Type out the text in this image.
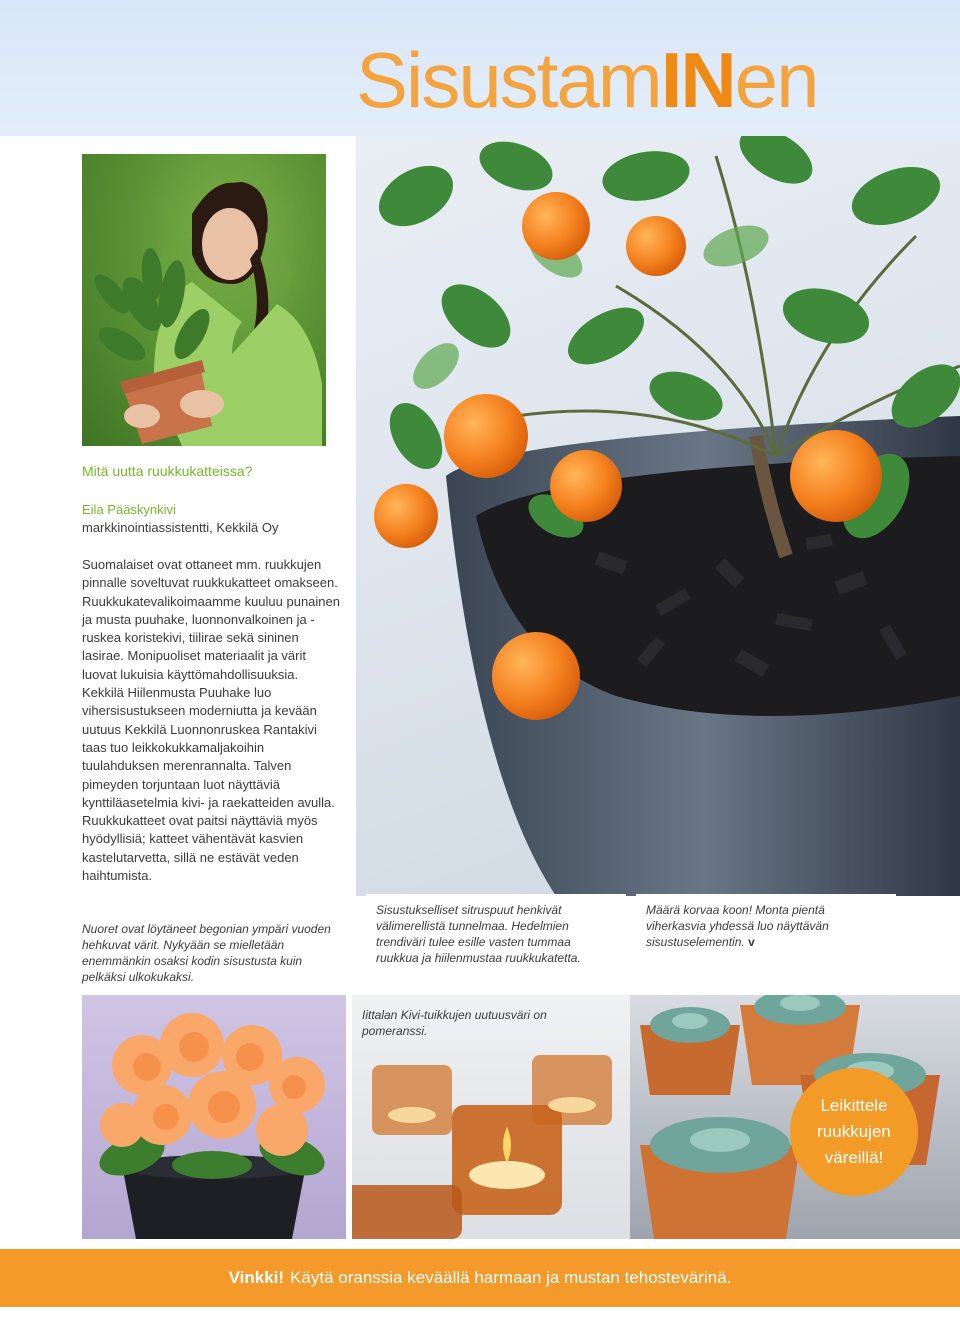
SisustamINen

Mitä uutta ruukkukatteissa?

Eila Pääskynkivi
markkinointiassistentti, Kekkilä Oy

Suomalaiset ovat ottaneet mm. ruukkujen pinnalle soveltuvat ruukkukatteet omakseen. Ruukkukatevalikoimaamme kuuluu punainen ja musta puuhake, luonnonvalkoinen ja -ruskea koristekivi, tiilirae sekä sininen lasirae. Monipuoliset materiaalit ja värit luovat lukuisia käyttömahdollisuuksia. Kekkilä Hiilenmusta Puuhake luo vihersisustukseen moderniutta ja kevään uutuus Kekkilä Luonnonruskea Rantakivi taas tuo leikkokukkamaljakoihin tuulahduksen merenrannalta. Talven pimeyden torjuntaan luot näyttäviä kynttiläasetelmia kivi- ja raekatteiden avulla. Ruukkukatteet ovat paitsi näyttäviä myös hyödyllisiä; katteet vähentävät kasvien kastelutarvetta, sillä ne estävät veden haihtumista.

Nuoret ovat löytäneet begonian ympäri vuoden hehkuvat värit. Nykyään se mielletään enemmänkin osaksi kodin sisustusta kuin pelkäksi ulkokukaksi.
Sisustukselliset sitruspuut henkivät välimerellistä tunnelmaa. Hedelmien trendiväri tulee esille vasten tummaa ruukkua ja hiilenmustaa ruukkukatetta.
Määrä korvaa koon! Monta pientä viherkasvia yhdessä luo näyttävän sisustuselementin. v
Iittalan Kivi-tuikkujen uutuusväri on pomeranssi.
Leikittele
ruukkujen
väreillä!
Vinkki! Käytä oranssia keväällä harmaan ja mustan tehostevärinä.
